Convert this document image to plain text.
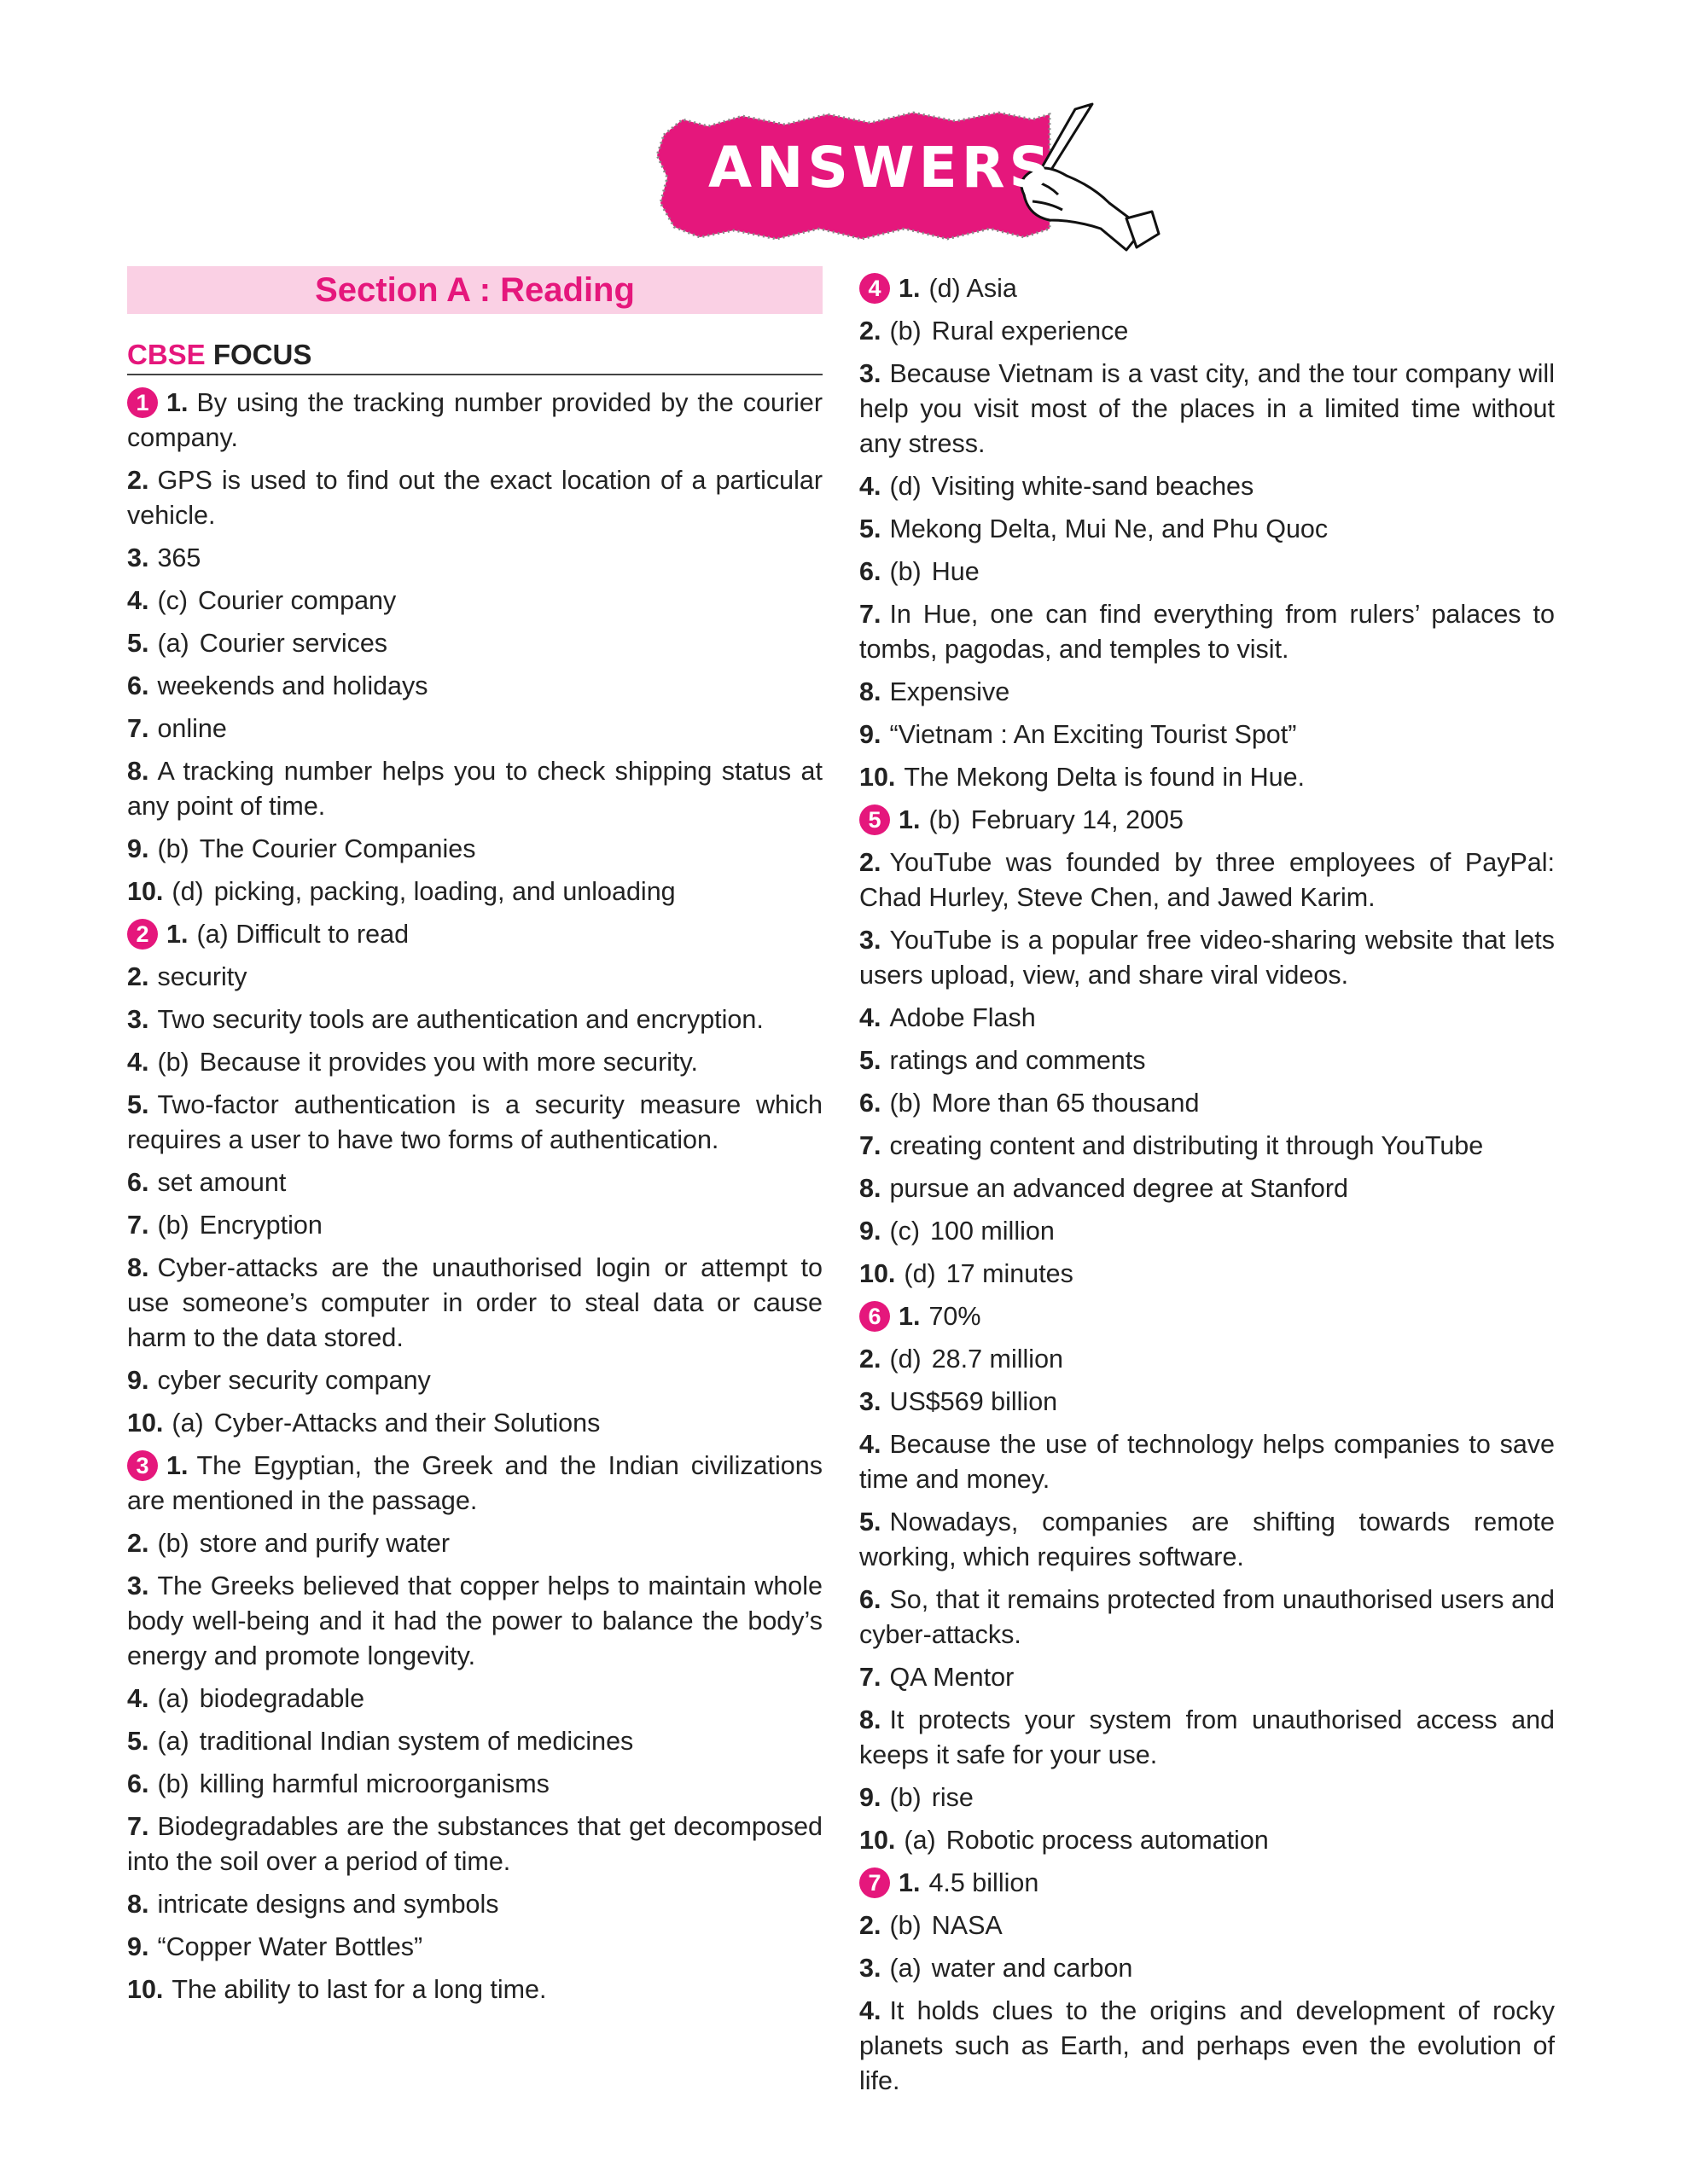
ANSWERS
Section A : Reading
CBSE FOCUS
1 1. By using the tracking number provided by the courier company.
2. GPS is used to find out the exact location of a particular vehicle.
3. 365
4. (c) Courier company
5. (a) Courier services
6. weekends and holidays
7. online
8. A tracking number helps you to check shipping status at any point of time.
9. (b) The Courier Companies
10. (d) picking, packing, loading, and unloading
2 1. (a) Difficult to read
2. security
3. Two security tools are authentication and encryption.
4. (b) Because it provides you with more security.
5. Two-factor authentication is a security measure which requires a user to have two forms of authentication.
6. set amount
7. (b) Encryption
8. Cyber-attacks are the unauthorised login or attempt to use someone’s computer in order to steal data or cause harm to the data stored.
9. cyber security company
10. (a) Cyber-Attacks and their Solutions
3 1. The Egyptian, the Greek and the Indian civilizations are mentioned in the passage.
2. (b) store and purify water
3. The Greeks believed that copper helps to maintain whole body well-being and it had the power to balance the body’s energy and promote longevity.
4. (a) biodegradable
5. (a) traditional Indian system of medicines
6. (b) killing harmful microorganisms
7. Biodegradables are the substances that get decomposed into the soil over a period of time.
8. intricate designs and symbols
9. “Copper Water Bottles”
10. The ability to last for a long time.
4 1. (d) Asia
2. (b) Rural experience
3. Because Vietnam is a vast city, and the tour company will help you visit most of the places in a limited time without any stress.
4. (d) Visiting white-sand beaches
5. Mekong Delta, Mui Ne, and Phu Quoc
6. (b) Hue
7. In Hue, one can find everything from rulers’ palaces to tombs, pagodas, and temples to visit.
8. Expensive
9. “Vietnam : An Exciting Tourist Spot”
10. The Mekong Delta is found in Hue.
5 1. (b) February 14, 2005
2. YouTube was founded by three employees of PayPal: Chad Hurley, Steve Chen, and Jawed Karim.
3. YouTube is a popular free video-sharing website that lets users upload, view, and share viral videos.
4. Adobe Flash
5. ratings and comments
6. (b) More than 65 thousand
7. creating content and distributing it through YouTube
8. pursue an advanced degree at Stanford
9. (c) 100 million
10. (d) 17 minutes
6 1. 70%
2. (d) 28.7 million
3. US$569 billion
4. Because the use of technology helps companies to save time and money.
5. Nowadays, companies are shifting towards remote working, which requires software.
6. So, that it remains protected from unauthorised users and cyber-attacks.
7. QA Mentor
8. It protects your system from unauthorised access and keeps it safe for your use.
9. (b) rise
10. (a) Robotic process automation
7 1. 4.5 billion
2. (b) NASA
3. (a) water and carbon
4. It holds clues to the origins and development of rocky planets such as Earth, and perhaps even the evolution of life.
